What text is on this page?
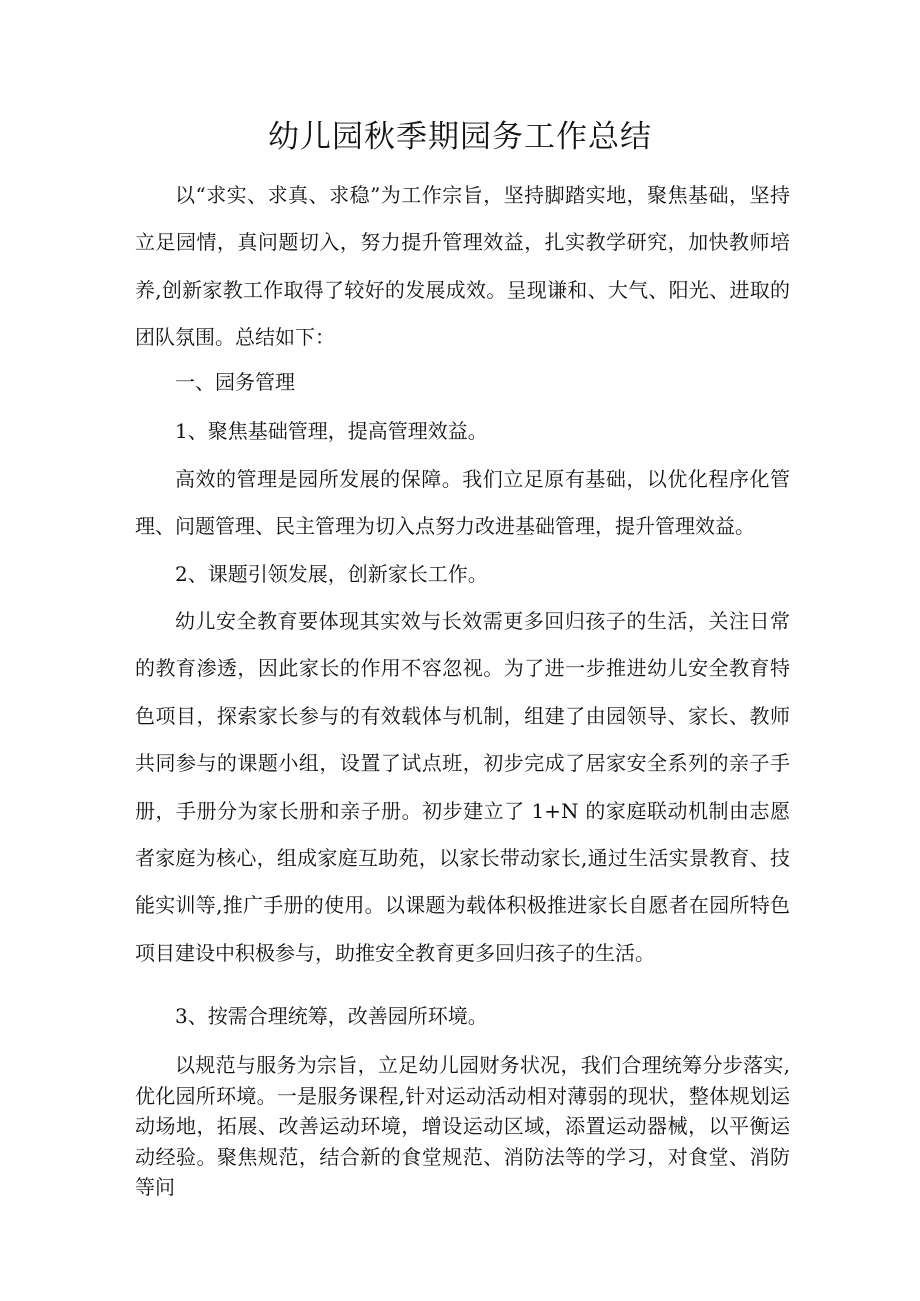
幼儿园秋季期园务工作总结

以“求实、求真、求稳”为工作宗旨，坚持脚踏实地，聚焦基础，坚持立足园情，真问题切入，努力提升管理效益，扎实教学研究，加快教师培养,创新家教工作取得了较好的发展成效。呈现谦和、大气、阳光、进取的团队氛围。总结如下：

一、园务管理

1、聚焦基础管理，提高管理效益。

高效的管理是园所发展的保障。我们立足原有基础，以优化程序化管理、问题管理、民主管理为切入点努力改进基础管理，提升管理效益。

2、课题引领发展，创新家长工作。

幼儿安全教育要体现其实效与长效需更多回归孩子的生活，关注日常的教育渗透，因此家长的作用不容忽视。为了进一步推进幼儿安全教育特色项目，探索家长参与的有效载体与机制，组建了由园领导、家长、教师共同参与的课题小组，设置了试点班，初步完成了居家安全系列的亲子手册，手册分为家长册和亲子册。初步建立了 1+N 的家庭联动机制由志愿者家庭为核心，组成家庭互助苑，以家长带动家长,通过生活实景教育、技能实训等,推广手册的使用。以课题为载体积极推进家长自愿者在园所特色项目建设中积极参与，助推安全教育更多回归孩子的生活。

3、按需合理统筹，改善园所环境。

以规范与服务为宗旨，立足幼儿园财务状况，我们合理统筹分步落实,优化园所环境。一是服务课程,针对运动活动相对薄弱的现状，整体规划运动场地，拓展、改善运动环境，增设运动区域，添置运动器械，以平衡运动经验。聚焦规范，结合新的食堂规范、消防法等的学习，对食堂、消防等问
